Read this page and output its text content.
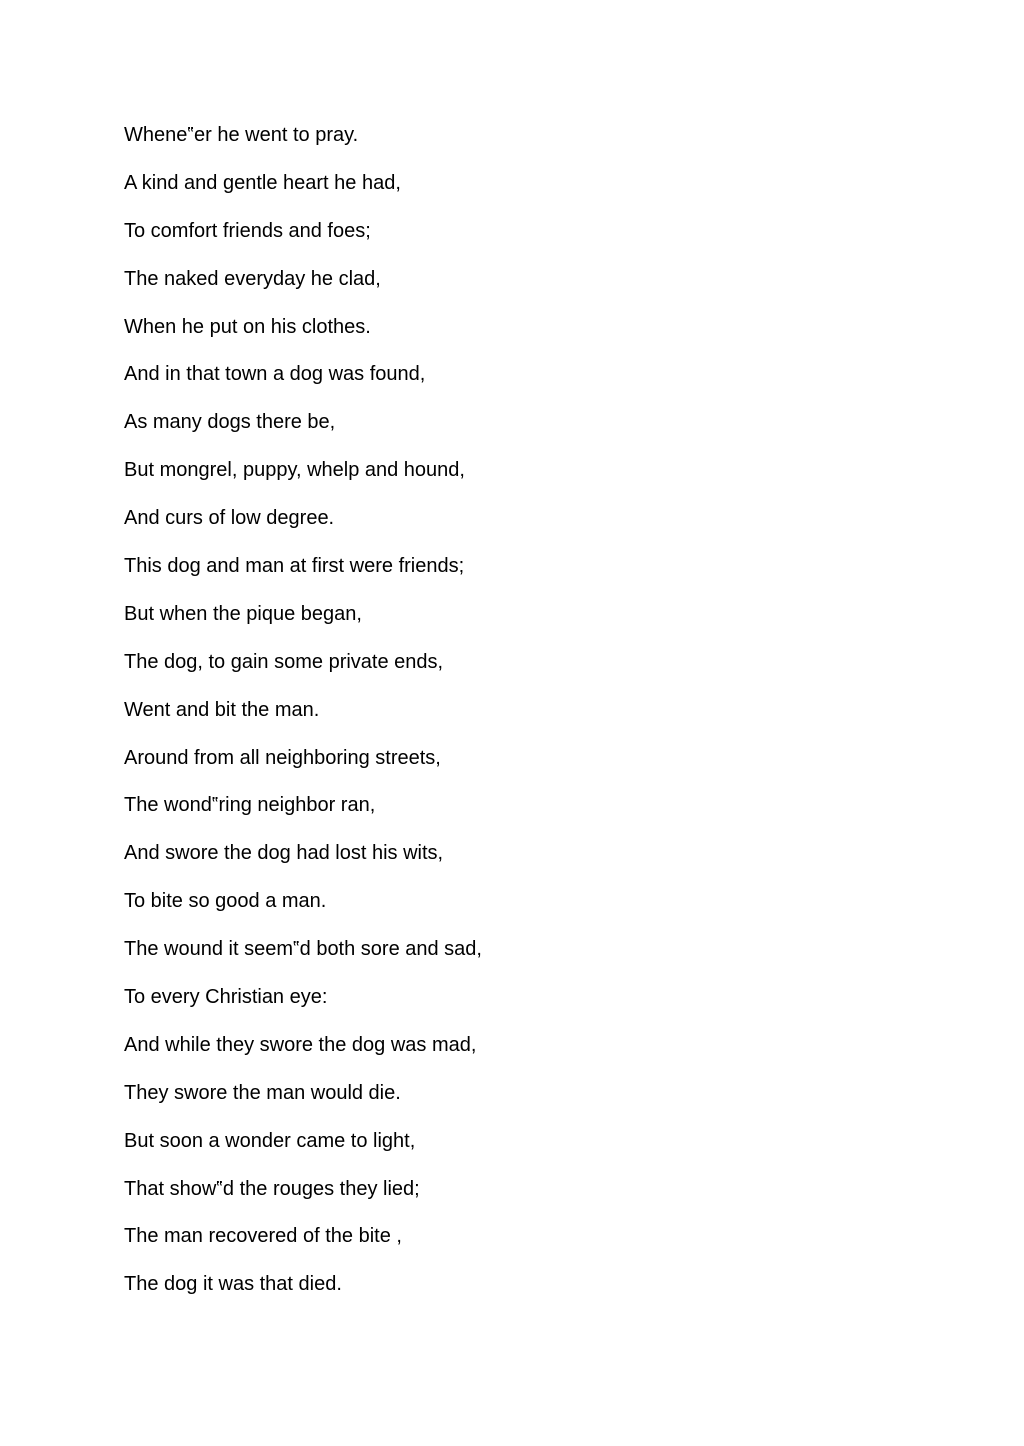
Whene‟er he went to pray.
A kind and gentle heart he had,
To comfort friends and foes;
The naked everyday he clad,
When he put on his clothes.
And in that town a dog was found,
As many dogs there be,
But mongrel, puppy, whelp and hound,
And curs of low degree.
This dog and man at first were friends;
But when the pique began,
The dog, to gain some private ends,
Went and bit the man.
Around from all neighboring streets,
The wond‟ring neighbor ran,
And swore the dog had lost his wits,
To bite so good a man.
The wound it seem‟d both sore and sad,
To every Christian eye:
And while they swore the dog was mad,
They swore the man would die.
But soon a wonder came to light,
That show‟d the rouges they lied;
The man recovered of the bite ,
The dog it was that died.
